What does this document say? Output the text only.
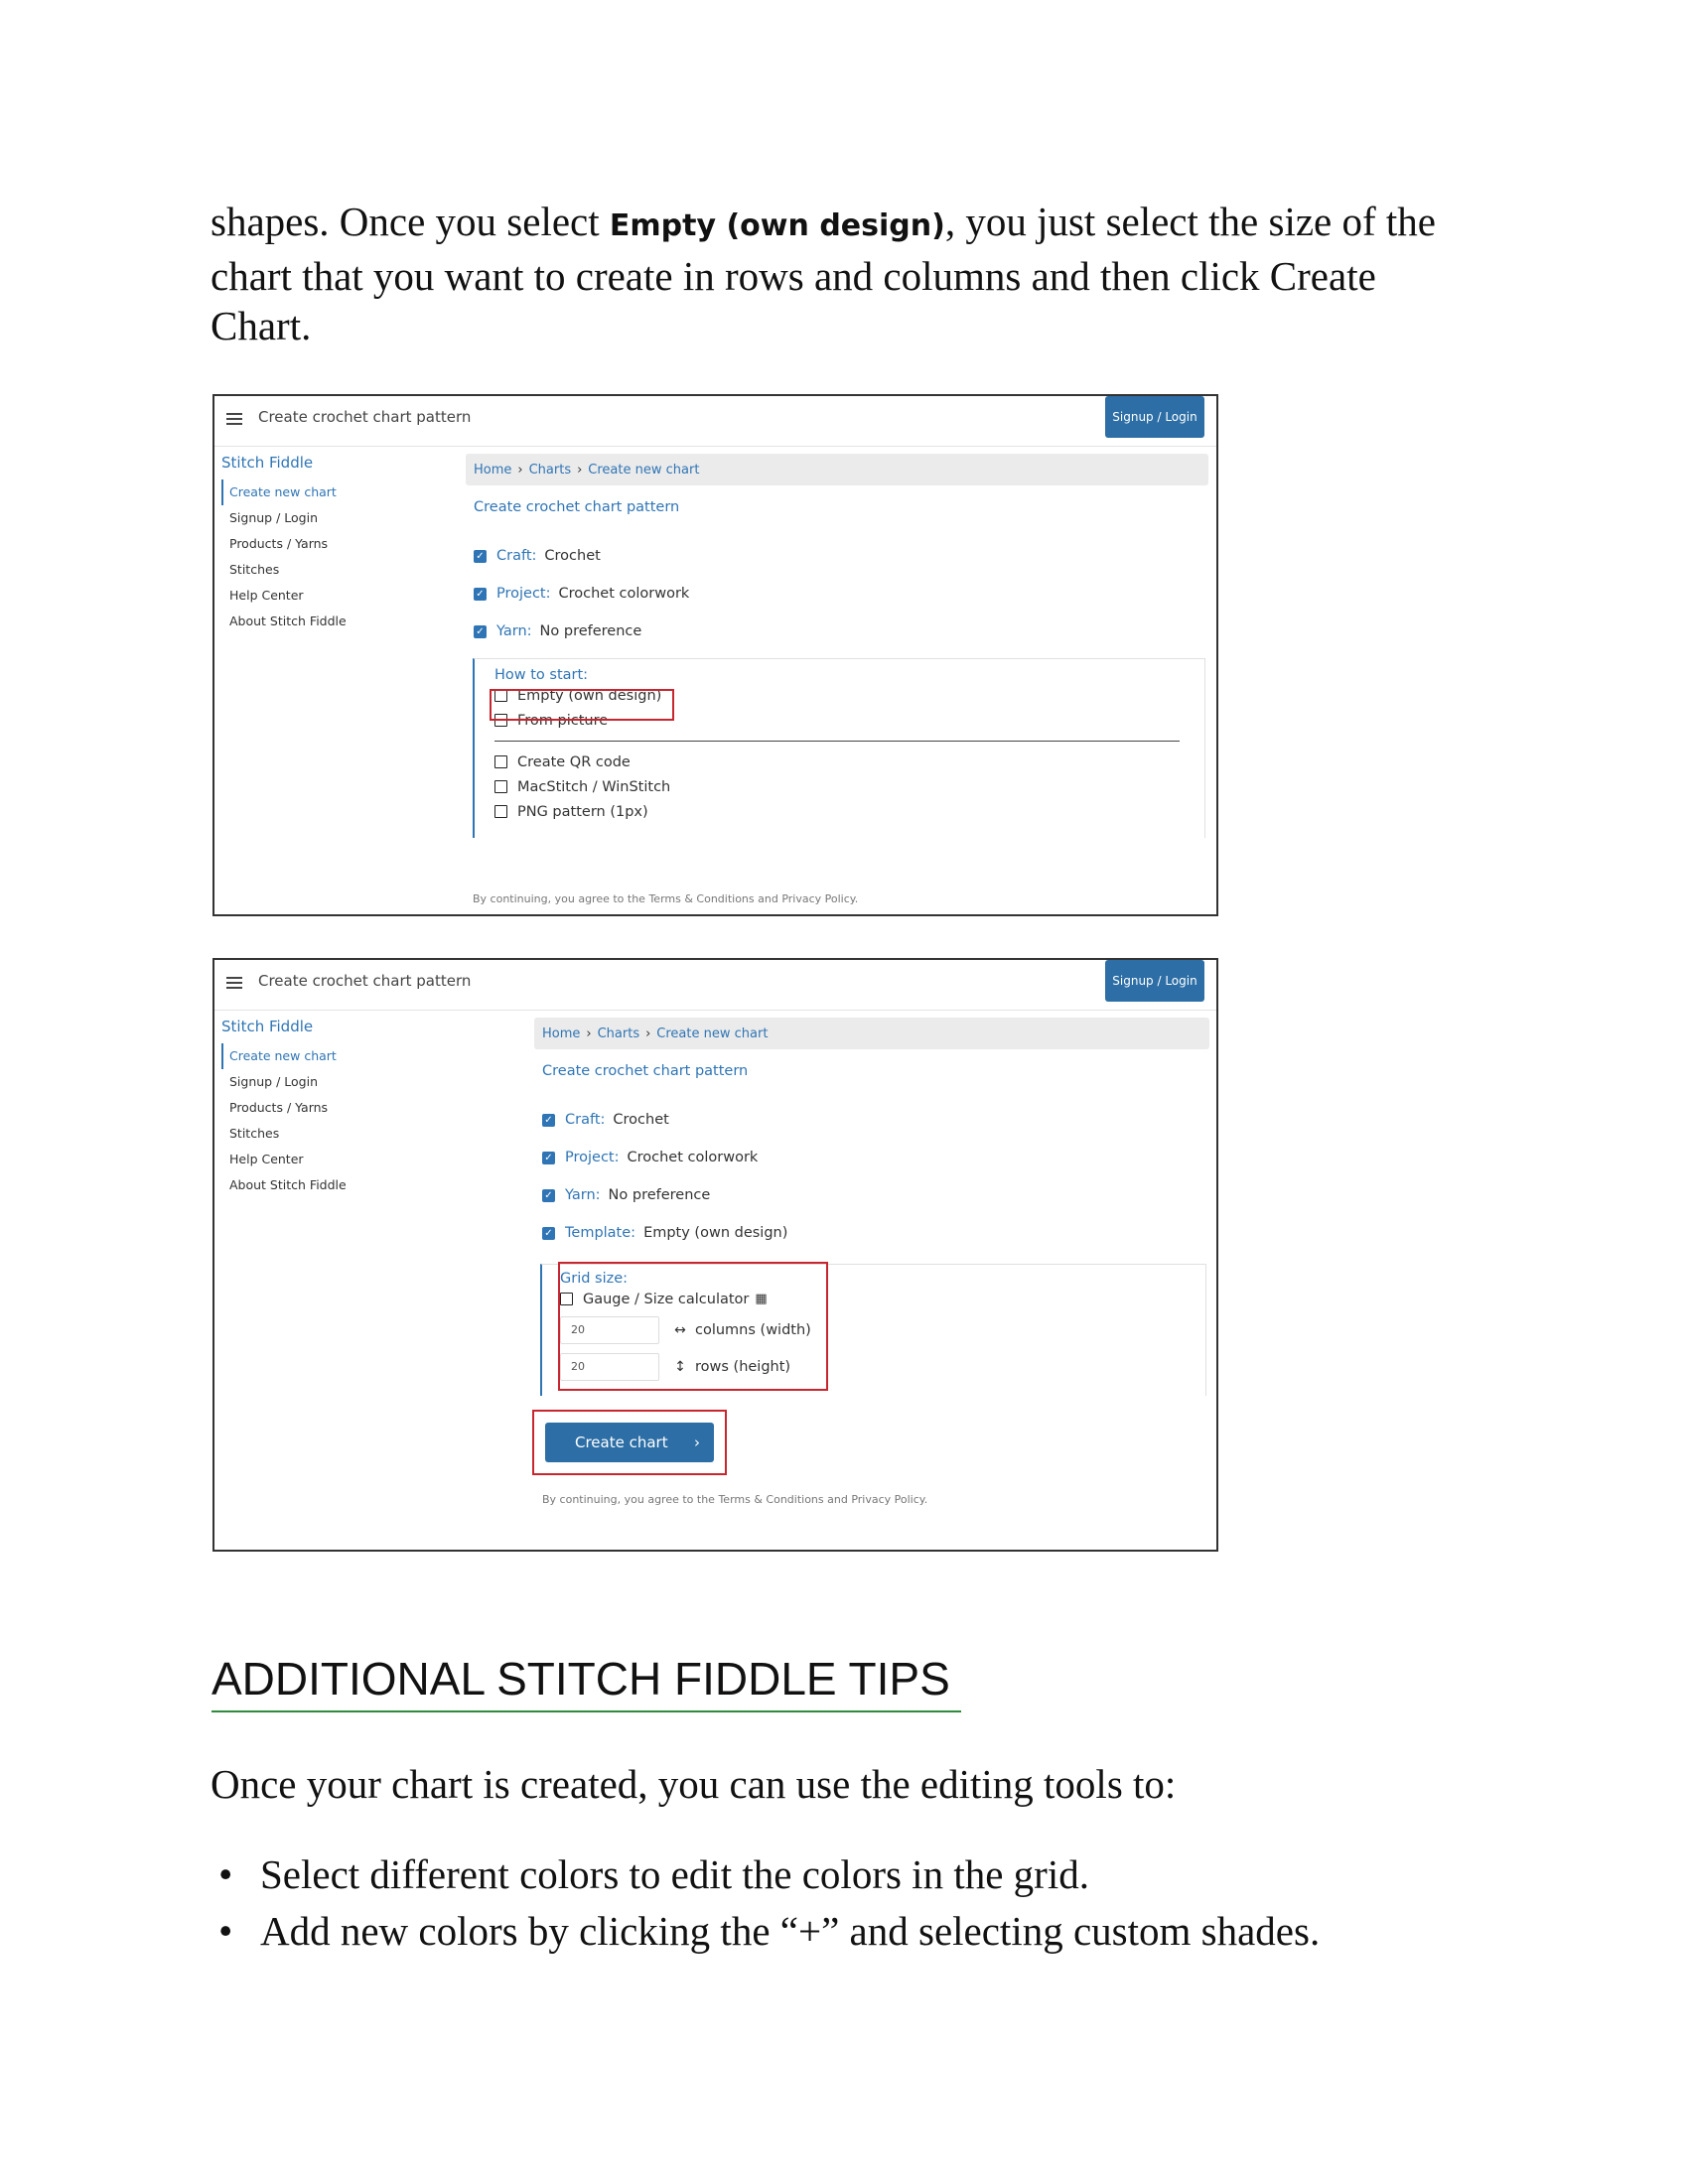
shapes. Once you select Empty (own design), you just select the size of the chart that you want to create in rows and columns and then click Create Chart.

Create crochet chart pattern	Signup / Login
Stitch Fiddle
Create new chart
Signup / Login
Products / Yarns
Stitches
Help Center
About Stitch Fiddle
Home › Charts › Create new chart
Create crochet chart pattern
✓ Craft: Crochet
✓ Project: Crochet colorwork
✓ Yarn: No preference
How to start:
Empty (own design)
From picture
Create QR code
MacStitch / WinStitch
PNG pattern (1px)
By continuing, you agree to the Terms & Conditions and Privacy Policy.
Create crochet chart pattern	Signup / Login
Stitch Fiddle
Create new chart
Signup / Login
Products / Yarns
Stitches
Help Center
About Stitch Fiddle
Home › Charts › Create new chart
Create crochet chart pattern
✓ Craft: Crochet
✓ Project: Crochet colorwork
✓ Yarn: No preference
✓ Template: Empty (own design)
Grid size:
Gauge / Size calculator ▦
20	↔ columns (width)
20	↕ rows (height)
Create chart ›
By continuing, you agree to the Terms & Conditions and Privacy Policy.
ADDITIONAL STITCH FIDDLE TIPS

Once your chart is created, you can use the editing tools to:

• Select different colors to edit the colors in the grid.
• Add new colors by clicking the “+” and selecting custom shades.
